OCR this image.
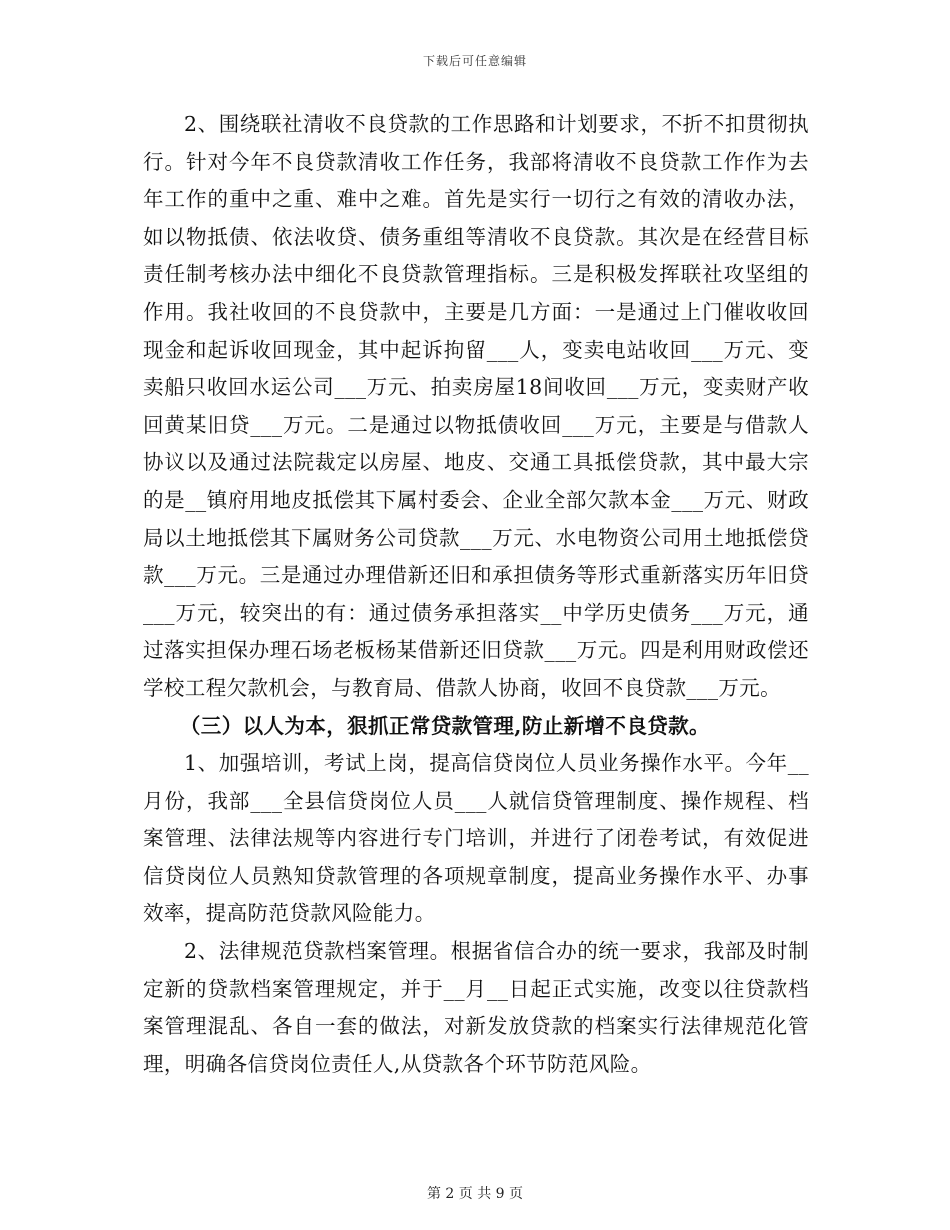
下载后可任意编辑

2、围绕联社清收不良贷款的工作思路和计划要求，不折不扣贯彻执行。针对今年不良贷款清收工作任务，我部将清收不良贷款工作作为去年工作的重中之重、难中之难。首先是实行一切行之有效的清收办法，如以物抵债、依法收贷、债务重组等清收不良贷款。其次是在经营目标责任制考核办法中细化不良贷款管理指标。三是积极发挥联社攻坚组的作用。我社收回的不良贷款中，主要是几方面：一是通过上门催收收回现金和起诉收回现金，其中起诉拘留___人，变卖电站收回___万元、变卖船只收回水运公司___万元、拍卖房屋18间收回___万元，变卖财产收回黄某旧贷___万元。二是通过以物抵债收回___万元，主要是与借款人协议以及通过法院裁定以房屋、地皮、交通工具抵偿贷款，其中最大宗的是__镇府用地皮抵偿其下属村委会、企业全部欠款本金___万元、财政局以土地抵偿其下属财务公司贷款___万元、水电物资公司用土地抵偿贷款___万元。三是通过办理借新还旧和承担债务等形式重新落实历年旧贷___万元，较突出的有：通过债务承担落实__中学历史债务___万元，通过落实担保办理石场老板杨某借新还旧贷款___万元。四是利用财政偿还学校工程欠款机会，与教育局、借款人协商，收回不良贷款___万元。

（三）以人为本，狠抓正常贷款管理,防止新增不良贷款。

1、加强培训，考试上岗，提高信贷岗位人员业务操作水平。今年__月份，我部___全县信贷岗位人员___人就信贷管理制度、操作规程、档案管理、法律法规等内容进行专门培训，并进行了闭卷考试，有效促进信贷岗位人员熟知贷款管理的各项规章制度，提高业务操作水平、办事效率，提高防范贷款风险能力。

2、法律规范贷款档案管理。根据省信合办的统一要求，我部及时制定新的贷款档案管理规定，并于__月__日起正式实施，改变以往贷款档案管理混乱、各自一套的做法，对新发放贷款的档案实行法律规范化管理，明确各信贷岗位责任人,从贷款各个环节防范风险。

第 2 页 共 9 页
